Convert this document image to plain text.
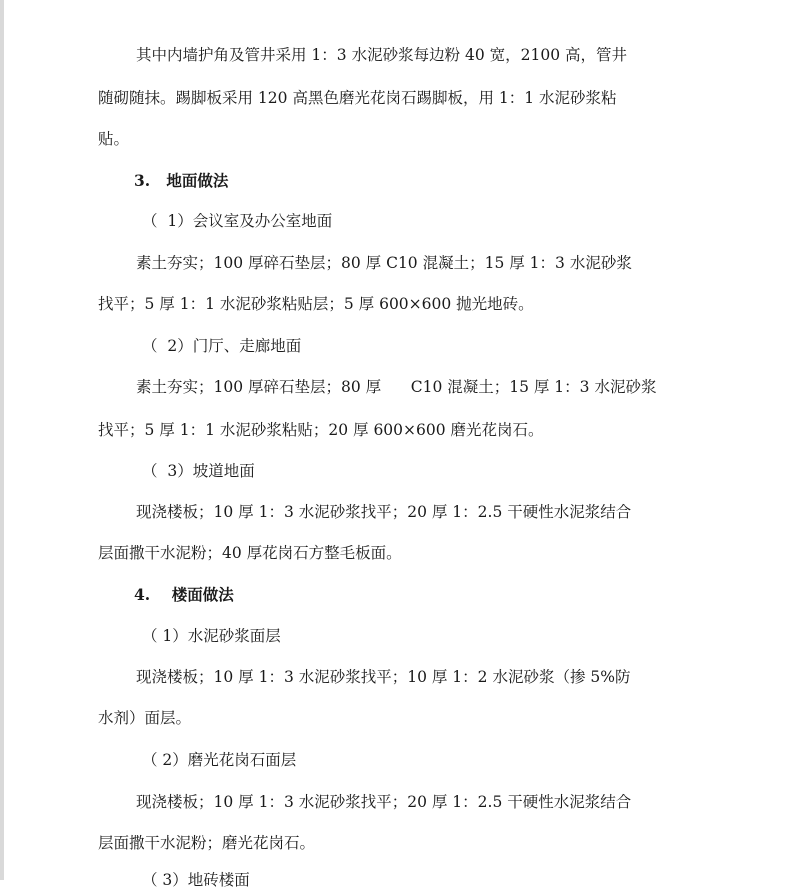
其中内墙护角及管井采用 1：3 水泥砂浆每边粉 40 宽，2100 高，管井
随砌随抹。踢脚板采用 120 高黑色磨光花岗石踢脚板，用 1：1 水泥砂浆粘
贴。
3.   地面做法
（  1）会议室及办公室地面
素土夯实；100 厚碎石垫层；80 厚 C10 混凝土；15 厚 1：3 水泥砂浆
找平；5 厚 1：1 水泥砂浆粘贴层；5 厚 600×600 抛光地砖。
（  2）门厅、走廊地面
素土夯实；100 厚碎石垫层；80 厚      C10 混凝土；15 厚 1：3 水泥砂浆
找平；5 厚 1：1 水泥砂浆粘贴；20 厚 600×600 磨光花岗石。
（  3）坡道地面
现浇楼板；10 厚 1：3 水泥砂浆找平；20 厚 1：2.5 干硬性水泥浆结合
层面撒干水泥粉；40 厚花岗石方整毛板面。
4.    楼面做法
（ 1）水泥砂浆面层
现浇楼板；10 厚 1：3 水泥砂浆找平；10 厚 1：2 水泥砂浆（掺 5%防
水剂）面层。
（ 2）磨光花岗石面层
现浇楼板；10 厚 1：3 水泥砂浆找平；20 厚 1：2.5 干硬性水泥浆结合
层面撒干水泥粉；磨光花岗石。
（ 3）地砖楼面
